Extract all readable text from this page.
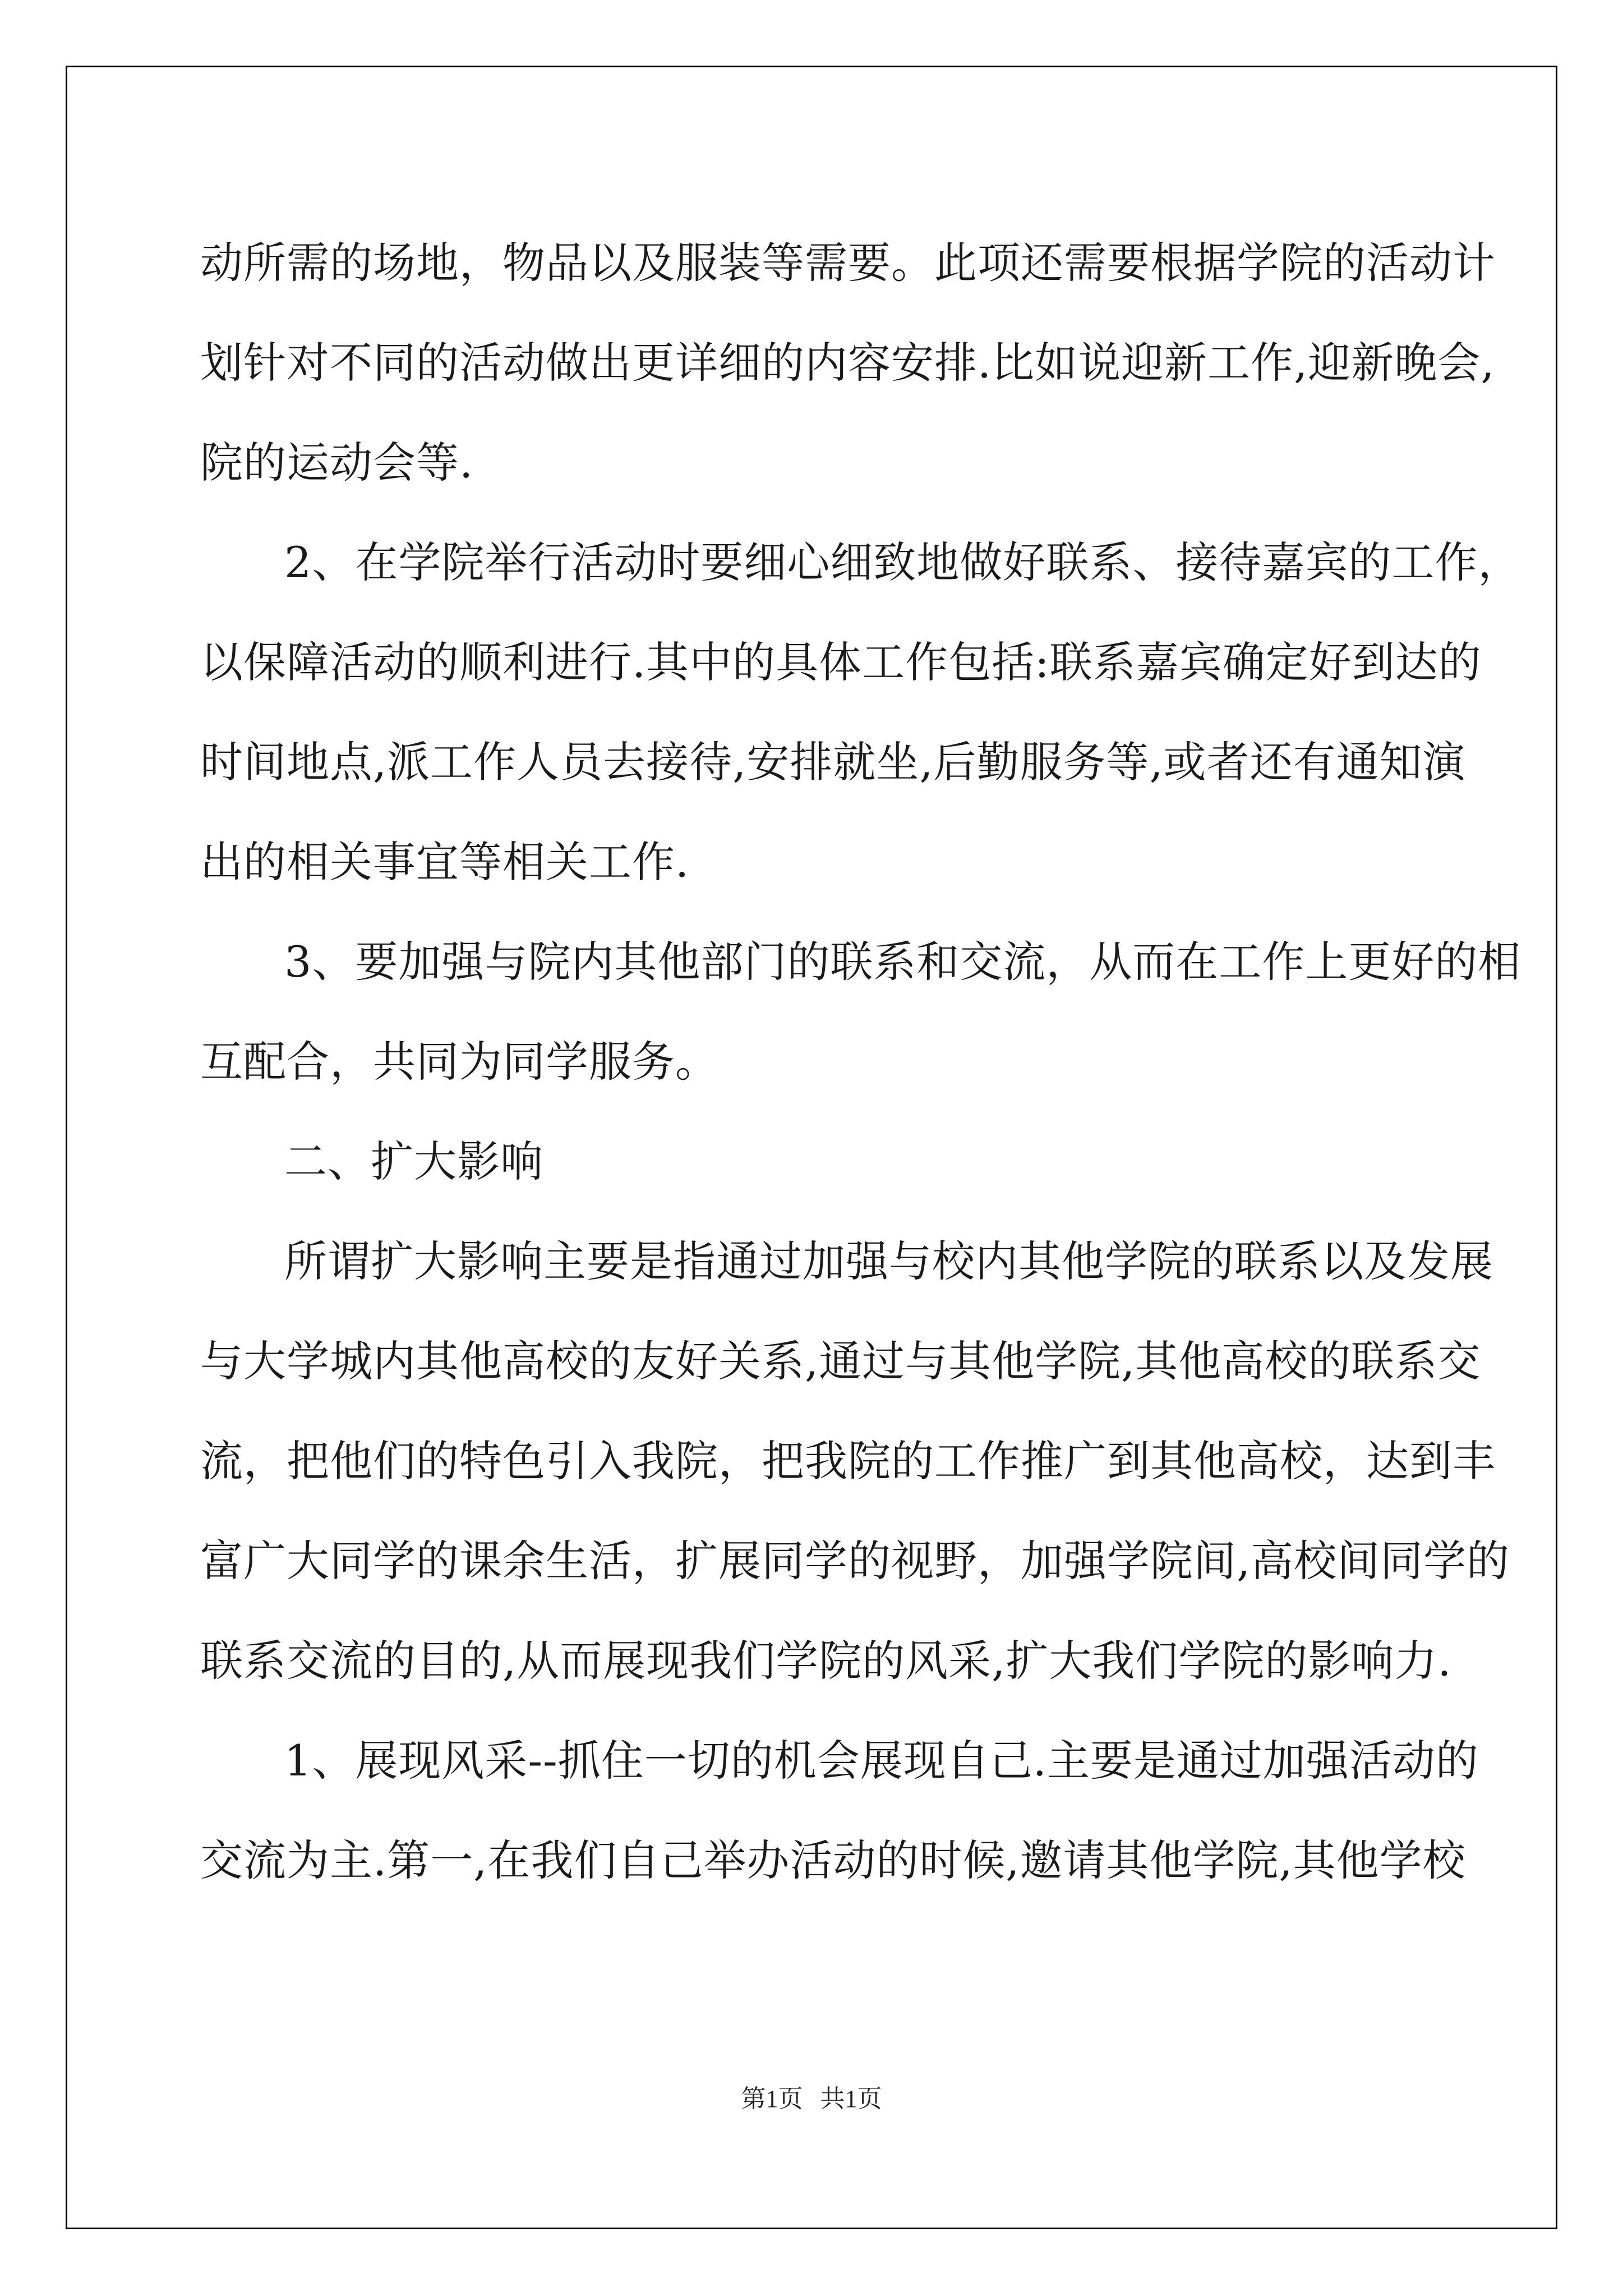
动所需的场地，物品以及服装等需要。此项还需要根据学院的活动计
划针对不同的活动做出更详细的内容安排.比如说迎新工作,迎新晚会,
院的运动会等.
2、在学院举行活动时要细心细致地做好联系、接待嘉宾的工作，
以保障活动的顺利进行.其中的具体工作包括:联系嘉宾确定好到达的
时间地点,派工作人员去接待,安排就坐,后勤服务等,或者还有通知演
出的相关事宜等相关工作.
3、要加强与院内其他部门的联系和交流，从而在工作上更好的相
互配合，共同为同学服务。
二、扩大影响
所谓扩大影响主要是指通过加强与校内其他学院的联系以及发展
与大学城内其他高校的友好关系,通过与其他学院,其他高校的联系交
流，把他们的特色引入我院，把我院的工作推广到其他高校，达到丰
富广大同学的课余生活，扩展同学的视野，加强学院间,高校间同学的
联系交流的目的,从而展现我们学院的风采,扩大我们学院的影响力.
1、展现风采--抓住一切的机会展现自己.主要是通过加强活动的
交流为主.第一,在我们自己举办活动的时候,邀请其他学院,其他学校
第1页 共1页
